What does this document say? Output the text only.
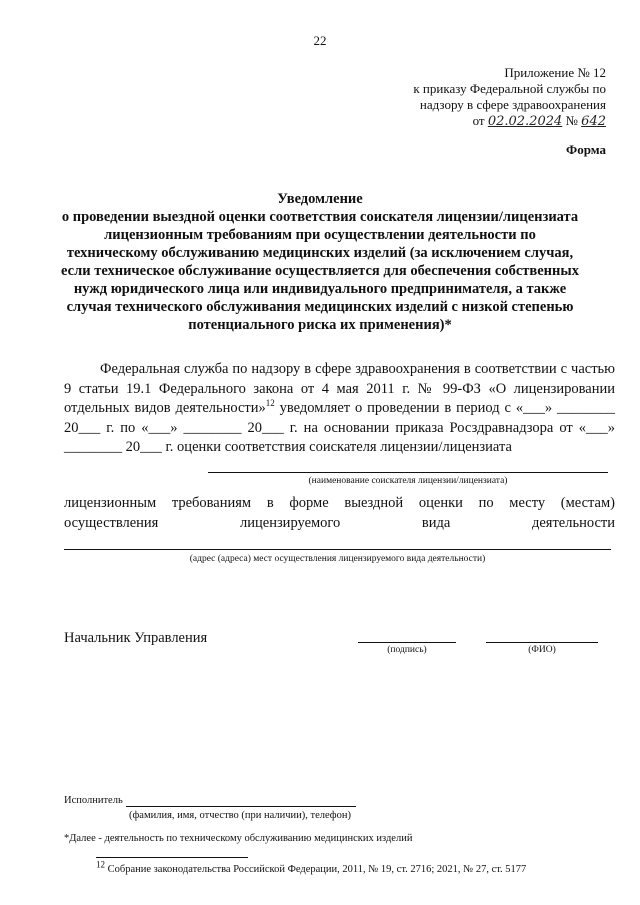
22
Приложение № 12
к приказу Федеральной службы по
надзору в сфере здравоохранения
от 02.02.2024 № 642
Форма
Уведомление
о проведении выездной оценки соответствия соискателя лицензии/лицензиата лицензионным требованиям при осуществлении деятельности по техническому обслуживанию медицинских изделий (за исключением случая, если техническое обслуживание осуществляется для обеспечения собственных нужд юридического лица или индивидуального предпринимателя, а также случая технического обслуживания медицинских изделий с низкой степенью потенциального риска их применения)*
Федеральная служба по надзору в сфере здравоохранения в соответствии с частью 9 статьи 19.1 Федерального закона от 4 мая 2011 г. № 99-ФЗ «О лицензировании отдельных видов деятельности»$^{12}$ уведомляет о проведении в период с «___» ________ 20___ г. по «___» ________ 20___ г. на основании приказа Росздравнадзора от «___» ________ 20___ г. оценки соответствия соискателя лицензии/лицензиата
(наименование соискателя лицензии/лицензиата)
лицензионным требованиям в форме выездной оценки по месту (местам) осуществления лицензируемого вида деятельности
(адрес (адреса) мест осуществления лицензируемого вида деятельности)
Начальник Управления
(подпись)	(ФИО)
Исполнитель
(фамилия, имя, отчество (при наличии), телефон)
*Далее - деятельность по техническому обслуживанию медицинских изделий
12 Собрание законодательства Российской Федерации, 2011, № 19, ст. 2716; 2021, № 27, ст. 5177
